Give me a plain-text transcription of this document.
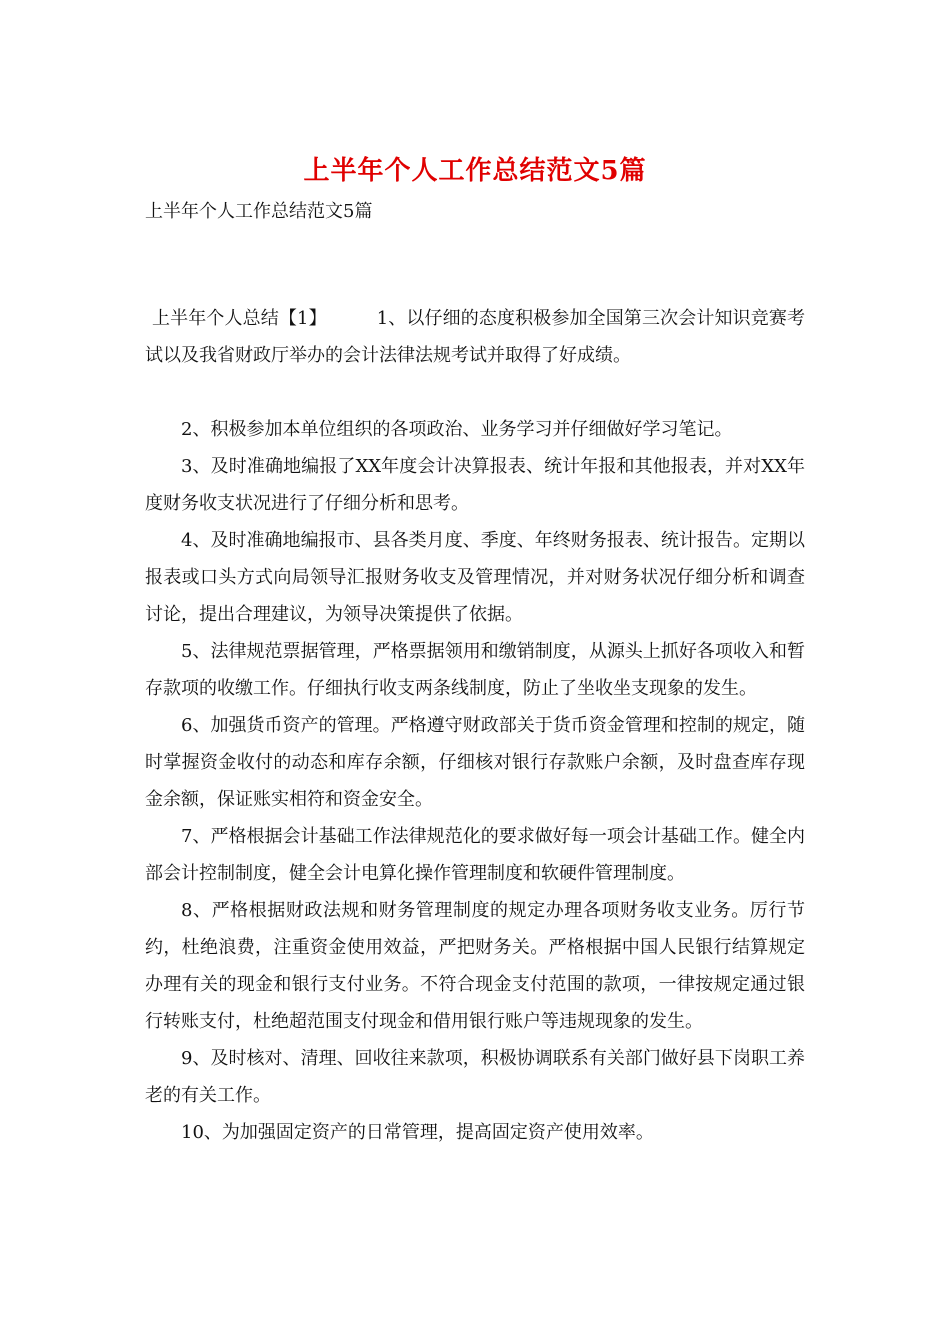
上半年个人工作总结范文5篇
上半年个人工作总结范文5篇

上半年个人总结【1】	1、以仔细的态度积极参加全国第三次会计知识竞赛考试以及我省财政厅举办的会计法律法规考试并取得了好成绩。

2、积极参加本单位组织的各项政治、业务学习并仔细做好学习笔记。

3、及时准确地编报了XX年度会计决算报表、统计年报和其他报表，并对XX年度财务收支状况进行了仔细分析和思考。

4、及时准确地编报市、县各类月度、季度、年终财务报表、统计报告。定期以报表或口头方式向局领导汇报财务收支及管理情况，并对财务状况仔细分析和调查讨论，提出合理建议，为领导决策提供了依据。

5、法律规范票据管理，严格票据领用和缴销制度，从源头上抓好各项收入和暂存款项的收缴工作。仔细执行收支两条线制度，防止了坐收坐支现象的发生。

6、加强货币资产的管理。严格遵守财政部关于货币资金管理和控制的规定，随时掌握资金收付的动态和库存余额，仔细核对银行存款账户余额，及时盘查库存现金余额，保证账实相符和资金安全。

7、严格根据会计基础工作法律规范化的要求做好每一项会计基础工作。健全内部会计控制制度，健全会计电算化操作管理制度和软硬件管理制度。

8、严格根据财政法规和财务管理制度的规定办理各项财务收支业务。厉行节约，杜绝浪费，注重资金使用效益，严把财务关。严格根据中国人民银行结算规定办理有关的现金和银行支付业务。不符合现金支付范围的款项，一律按规定通过银行转账支付，杜绝超范围支付现金和借用银行账户等违规现象的发生。

9、及时核对、清理、回收往来款项，积极协调联系有关部门做好县下岗职工养老的有关工作。

10、为加强固定资产的日常管理，提高固定资产使用效率。
